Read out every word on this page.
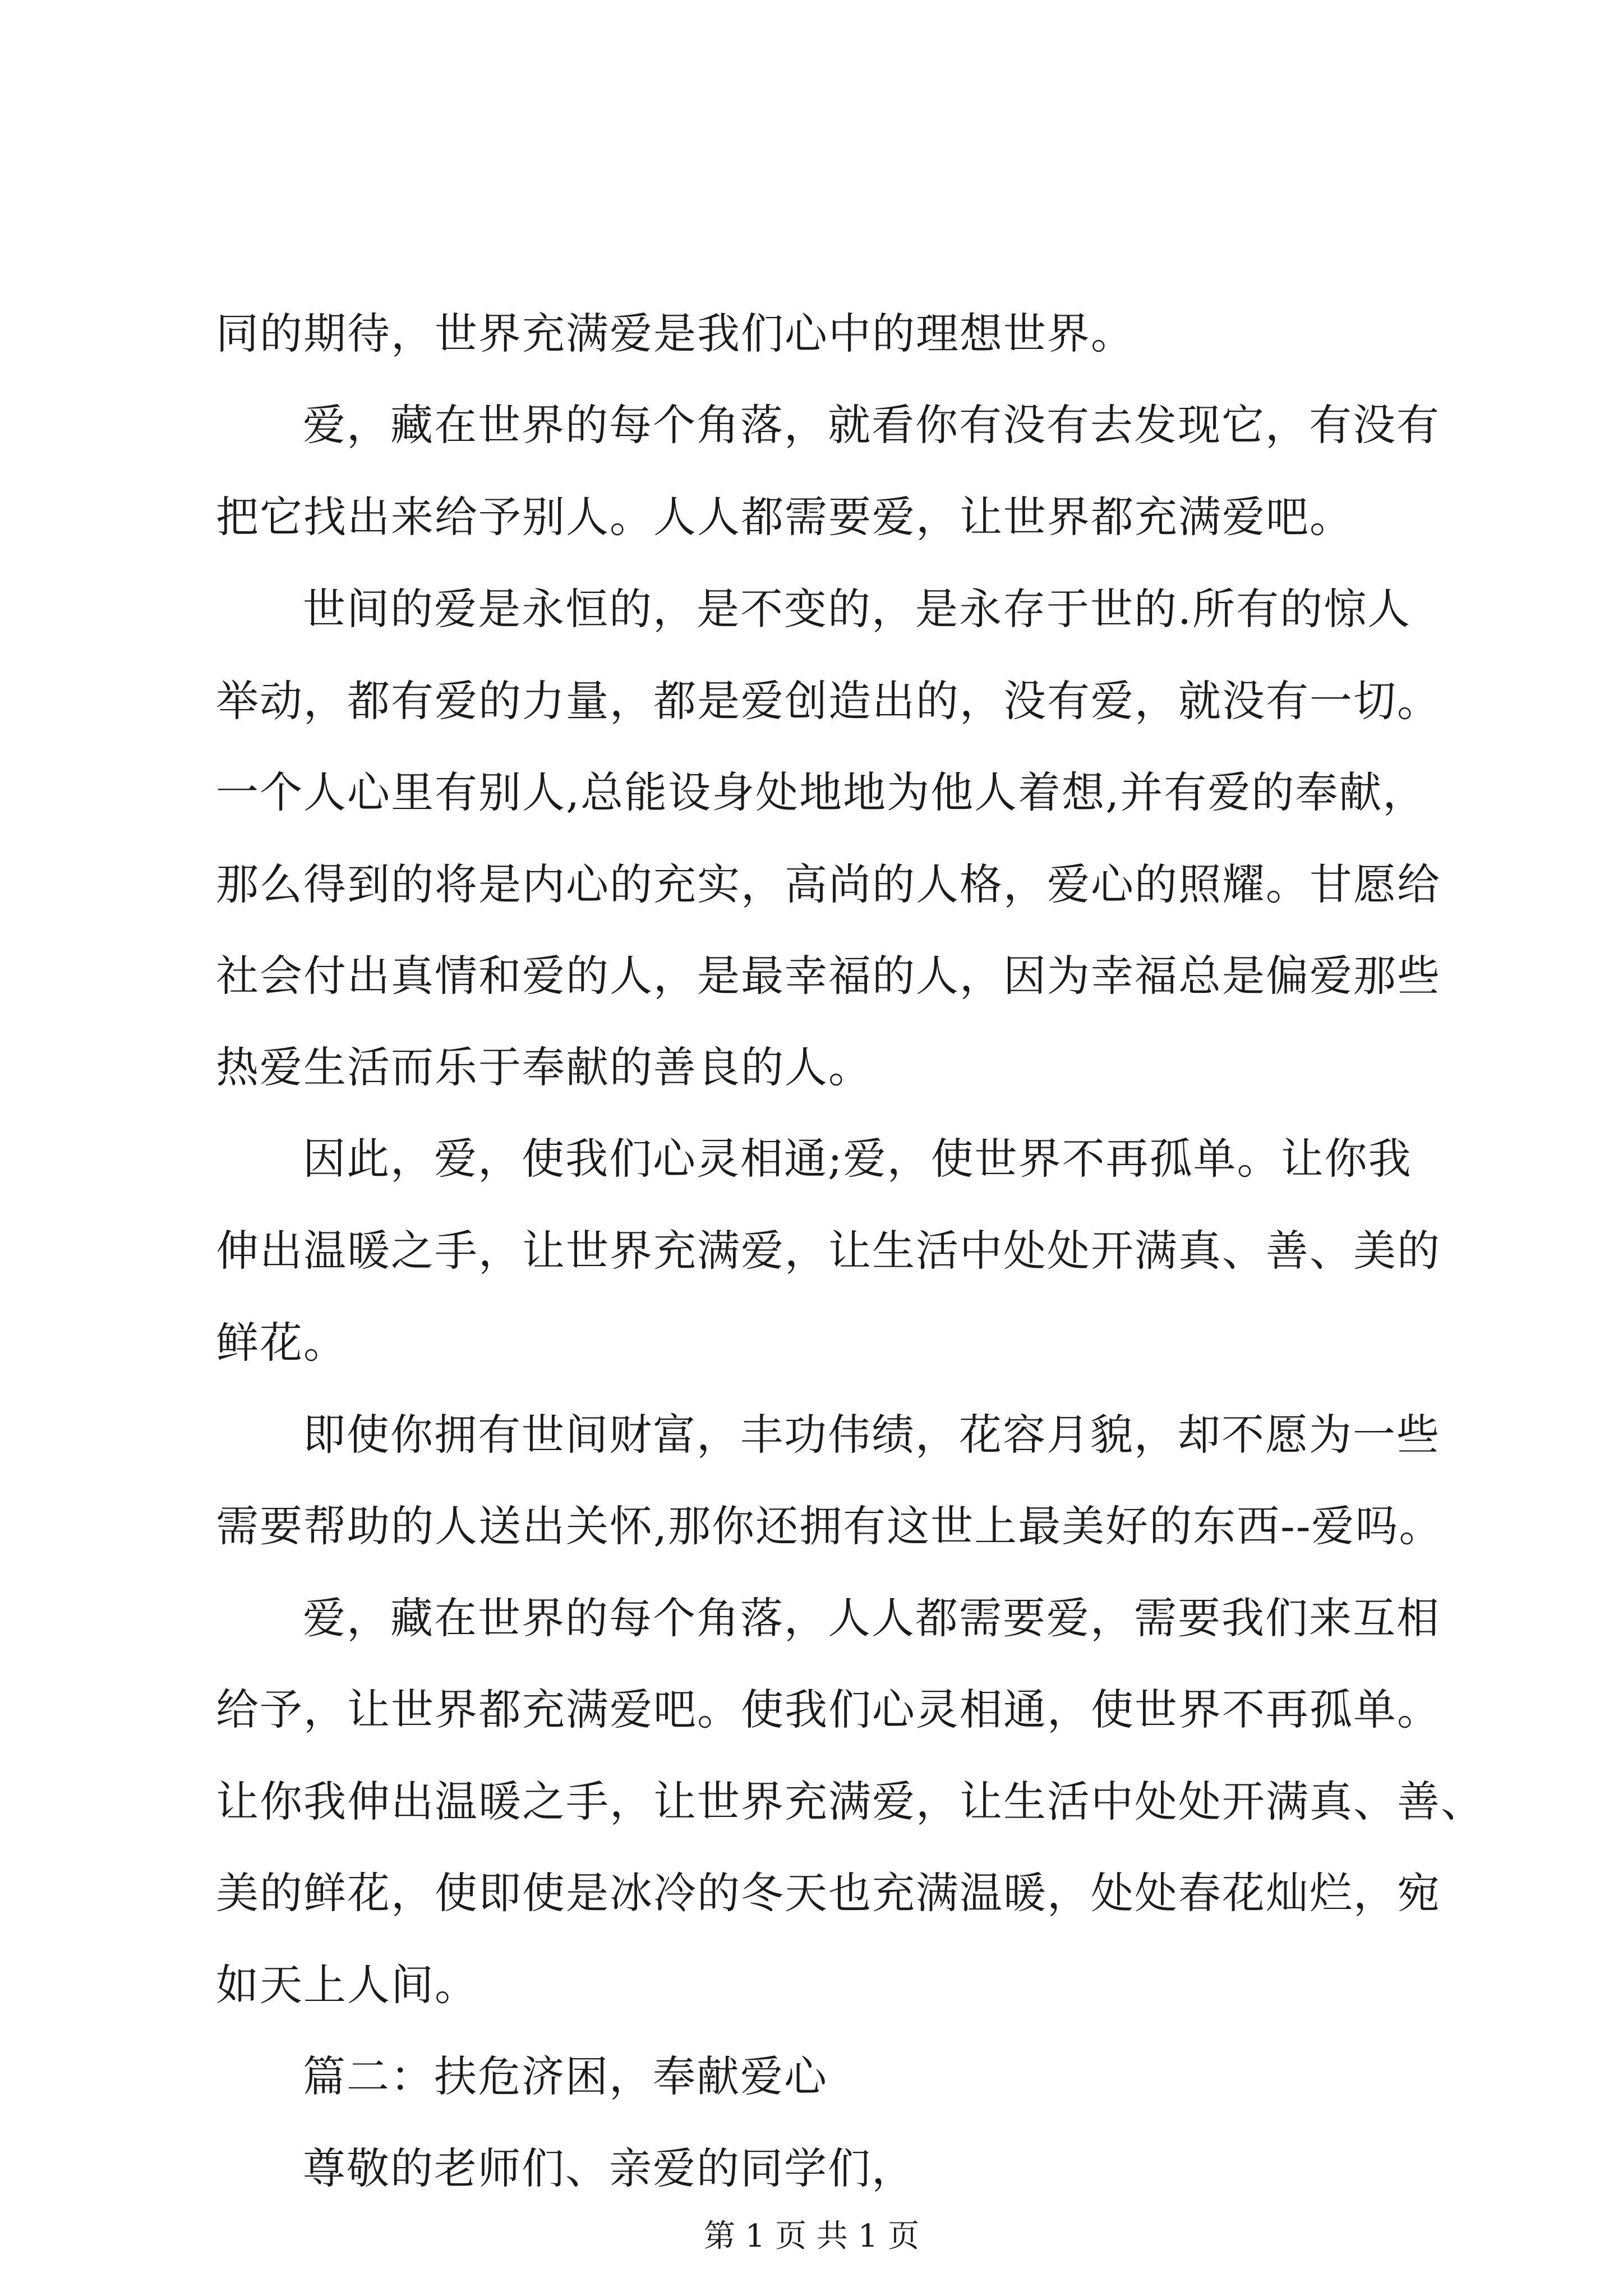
同的期待，世界充满爱是我们心中的理想世界。
爱，藏在世界的每个角落，就看你有没有去发现它，有没有
把它找出来给予别人。人人都需要爱，让世界都充满爱吧。
世间的爱是永恒的，是不变的，是永存于世的.所有的惊人
举动，都有爱的力量，都是爱创造出的，没有爱，就没有一切。
一个人心里有别人,总能设身处地地为他人着想,并有爱的奉献，
那么得到的将是内心的充实，高尚的人格，爱心的照耀。甘愿给
社会付出真情和爱的人，是最幸福的人，因为幸福总是偏爱那些
热爱生活而乐于奉献的善良的人。
因此，爱，使我们心灵相通;爱，使世界不再孤单。让你我
伸出温暖之手，让世界充满爱，让生活中处处开满真、善、美的
鲜花。
即使你拥有世间财富，丰功伟绩，花容月貌，却不愿为一些
需要帮助的人送出关怀,那你还拥有这世上最美好的东西--爱吗。
爱，藏在世界的每个角落，人人都需要爱，需要我们来互相
给予，让世界都充满爱吧。使我们心灵相通，使世界不再孤单。
让你我伸出温暖之手，让世界充满爱，让生活中处处开满真、善、
美的鲜花，使即使是冰冷的冬天也充满温暖，处处春花灿烂，宛
如天上人间。
篇二：扶危济困，奉献爱心
尊敬的老师们、亲爱的同学们，
第 1 页 共 1 页
